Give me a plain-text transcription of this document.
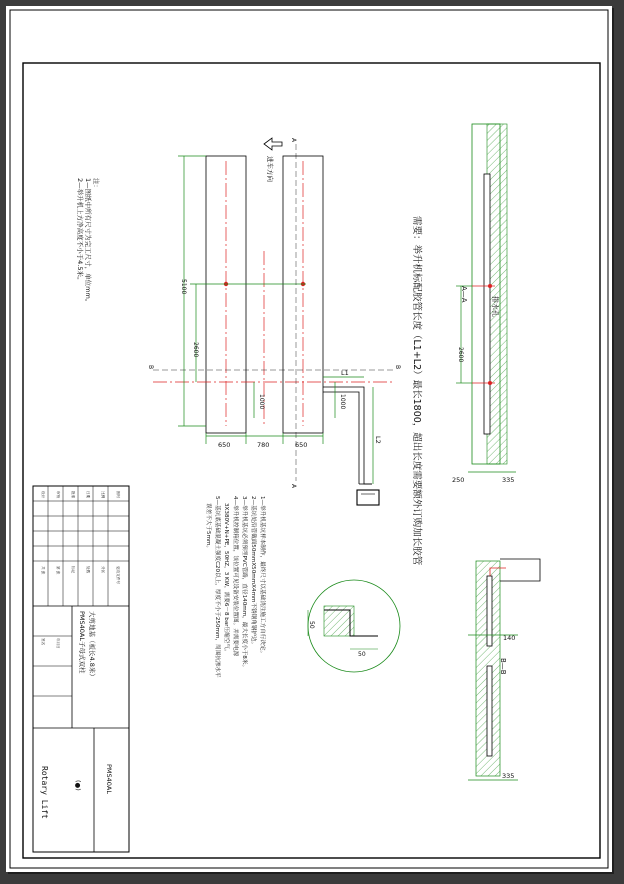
需要：举升机标配胶管长度（L1+L2）最长1800，超出长度需要额外订购加长胶管
注：
1—图纸中所有尺寸为完工尺寸，单位mm。
2—举升机上方净高度不小于4.5米。
进车方向
1—举升机基坑样本制作，最终尺寸以基础浇注施工方自行决定。
2—基坑处沿管截面50mmX50mmX4mm不锈钢角钢护边。
3—举升机基坑必须预埋PVC管路，直径140mm，最大长度小于8米。
4—举升机控制箱位置，该位置可见设备安装位置图。并需要电源
3X380V+N+PE，50HZ，3 KW，需要6－8 bar压缩空气。
5—基坑底基础混凝土强度C20以上，厚度不小于250mm，周围抗渗水平
误差不大于5mm。
A—A
B—B
排水孔
A
A
B	B
5100
2600
1000	1000
650	780	650
L1
L2
2600
250	335
140
335
50
50
PMS40AL子母式双柱 大剪地基（板长4.8米）
PMS40AL
(●)
Rotary Lift
设计	审核	批准	日期	比例	图号
共 张	第 张	标记	处数	分区	更改文件号
签名	年月日
